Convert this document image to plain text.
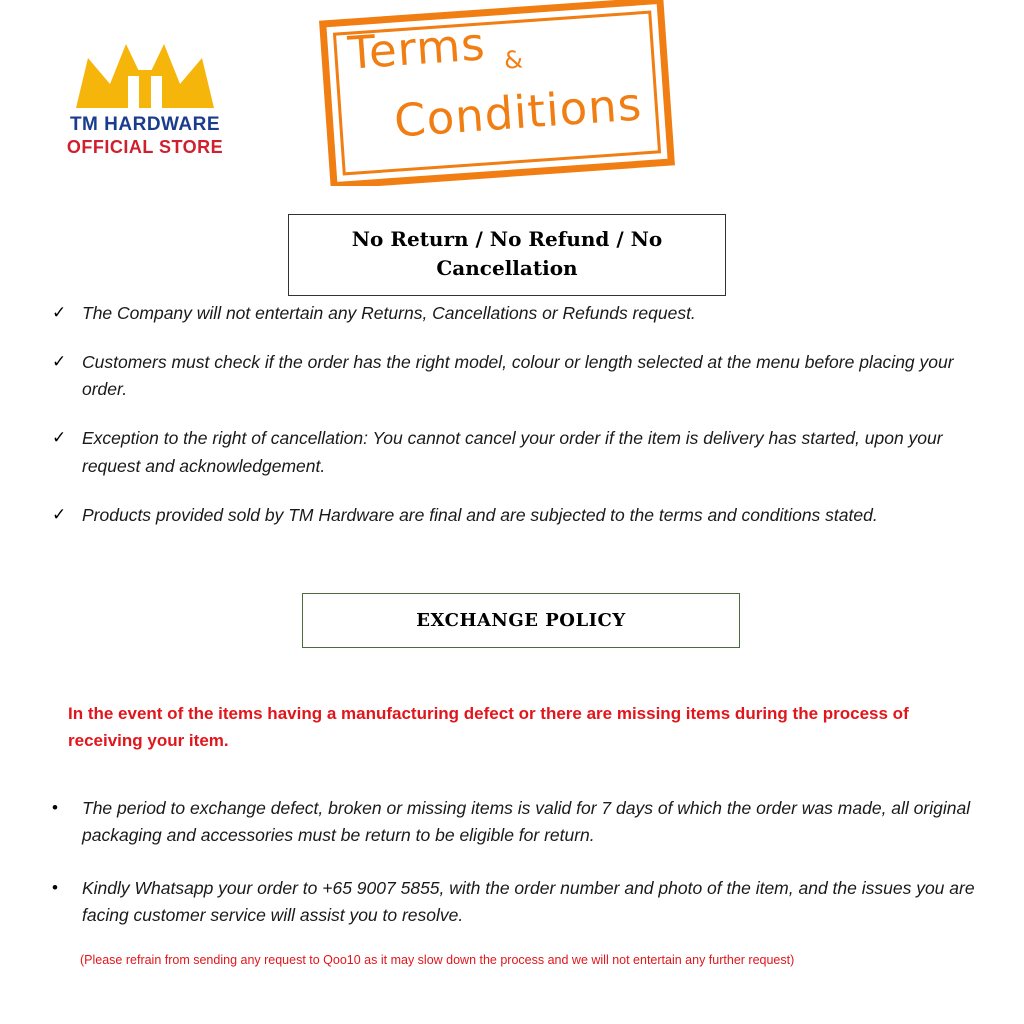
TM HARDWARE
OFFICIAL STORE
Terms &
Conditions
No Return / No Refund / No Cancellation
✓ The Company will not entertain any Returns, Cancellations or Refunds request.
✓ Customers must check if the order has the right model, colour or length selected at the menu before placing your order.
✓ Exception to the right of cancellation: You cannot cancel your order if the item is delivery has started, upon your request and acknowledgement.
✓ Products provided sold by TM Hardware are final and are subjected to the terms and conditions stated.
EXCHANGE POLICY
In the event of the items having a manufacturing defect or there are missing items during the process of receiving your item.
•	The period to exchange defect, broken or missing items is valid for 7 days of which the order was made, all original packaging and accessories must be return to be eligible for return.
•	Kindly Whatsapp your order to +65 9007 5855, with the order number and photo of the item, and the issues you are facing customer service will assist you to resolve.
(Please refrain from sending any request to Qoo10 as it may slow down the process and we will not entertain any further request)
